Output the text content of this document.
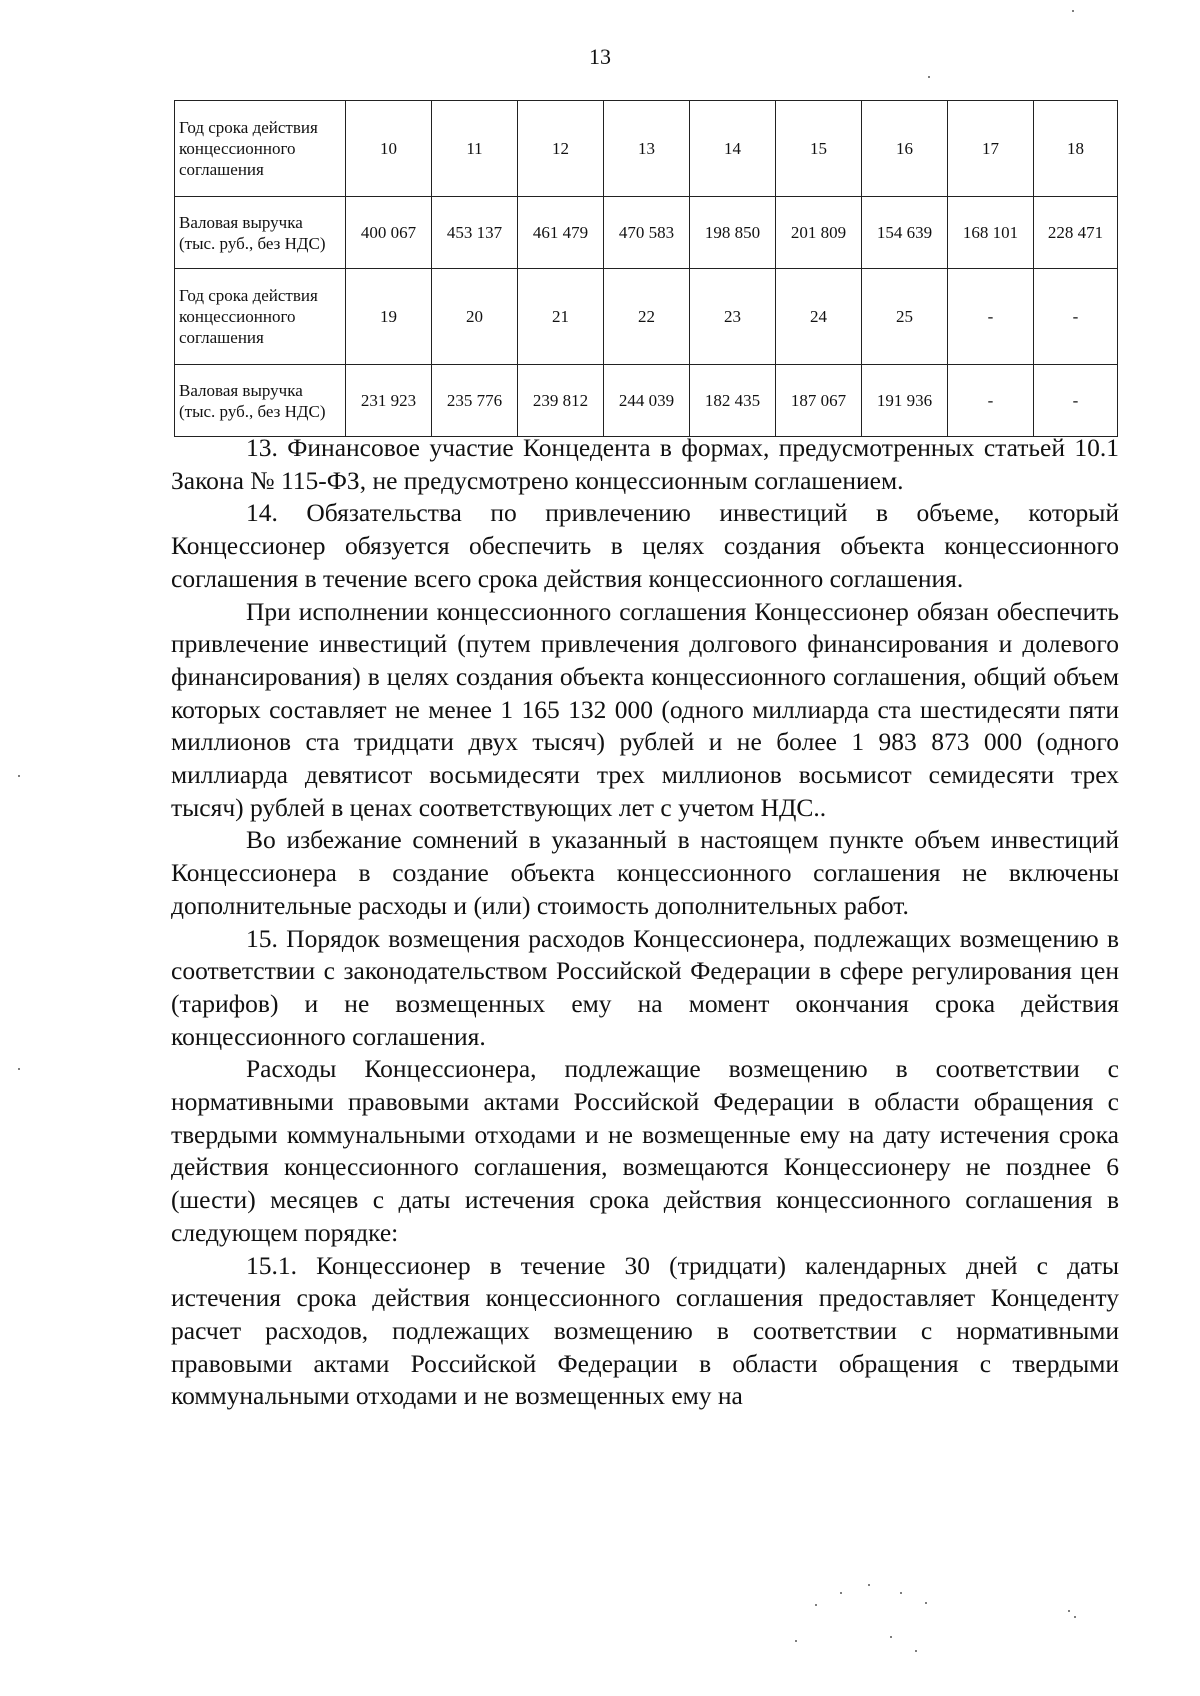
13
Год срока действия концессионного соглашения	10	11	12	13	14	15	16	17	18
Валовая выручка (тыс. руб., без НДС)	400 067	453 137	461 479	470 583	198 850	201 809	154 639	168 101	228 471
Год срока действия концессионного соглашения	19	20	21	22	23	24	25	-	-
Валовая выручка (тыс. руб., без НДС)	231 923	235 776	239 812	244 039	182 435	187 067	191 936	-	-

13. Финансовое участие Концедента в формах, предусмотренных статьей 10.1 Закона № 115-ФЗ, не предусмотрено концессионным соглашением.

14. Обязательства по привлечению инвестиций в объеме, который Концессионер обязуется обеспечить в целях создания объекта концессионного соглашения в течение всего срока действия концессионного соглашения.

При исполнении концессионного соглашения Концессионер обязан обеспечить привлечение инвестиций (путем привлечения долгового финансирования и долевого финансирования) в целях создания объекта концессионного соглашения, общий объем которых составляет не менее 1 165 132 000 (одного миллиарда ста шестидесяти пяти миллионов ста тридцати двух тысяч) рублей и не более 1 983 873 000 (одного миллиарда девятисот восьмидесяти трех миллионов восьмисот семидесяти трех тысяч) рублей в ценах соответствующих лет с учетом НДС..

Во избежание сомнений в указанный в настоящем пункте объем инвестиций Концессионера в создание объекта концессионного соглашения не включены дополнительные расходы и (или) стоимость дополнительных работ.

15. Порядок возмещения расходов Концессионера, подлежащих возмещению в соответствии с законодательством Российской Федерации в сфере регулирования цен (тарифов) и не возмещенных ему на момент окончания срока действия концессионного соглашения.

Расходы Концессионера, подлежащие возмещению в соответствии с нормативными правовыми актами Российской Федерации в области обращения с твердыми коммунальными отходами и не возмещенные ему на дату истечения срока действия концессионного соглашения, возмещаются Концессионеру не позднее 6 (шести) месяцев с даты истечения срока действия концессионного соглашения в следующем порядке:

15.1. Концессионер в течение 30 (тридцати) календарных дней с даты истечения срока действия концессионного соглашения предоставляет Концеденту расчет расходов, подлежащих возмещению в соответствии с нормативными правовыми актами Российской Федерации в области обращения с твердыми коммунальными отходами и не возмещенных ему на
